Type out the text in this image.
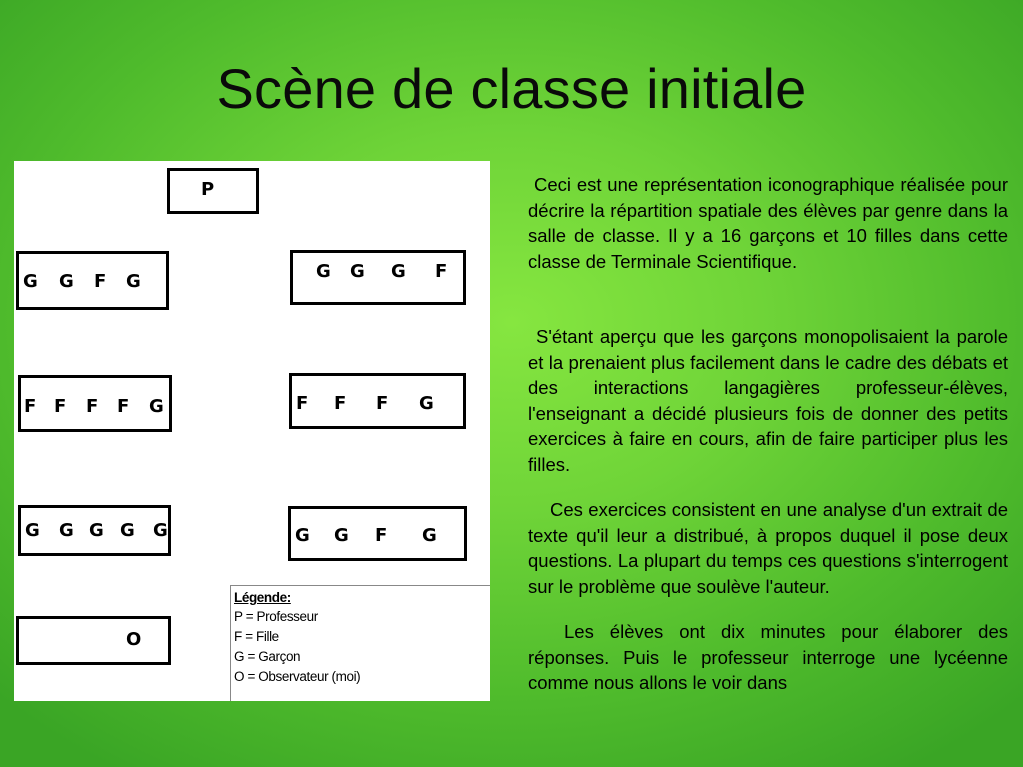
Scène de classe initiale
P
G G F G	G G G F
F F F F G	F F F G
G G G G G	G G F G
O
Légende:
P = Professeur
F = Fille
G = Garçon
O = Observateur (moi)

Ceci est une représentation iconographique réalisée pour décrire la répartition spatiale des élèves par genre dans la salle de classe. Il y a 16 garçons et 10 filles dans cette classe de Terminale Scientifique.

S'étant aperçu que les garçons monopolisaient la parole et la prenaient plus facilement dans le cadre des débats et des interactions langagières professeur-élèves, l'enseignant a décidé plusieurs fois de donner des petits exercices à faire en cours, afin de faire participer plus les filles.

Ces exercices consistent en une analyse d'un extrait de texte qu'il leur a distribué, à propos duquel il pose deux questions. La plupart du temps ces questions s'interrogent sur le problème que soulève l'auteur.

Les élèves ont dix minutes pour élaborer des réponses. Puis le professeur interroge une lycéenne comme nous allons le voir dans
